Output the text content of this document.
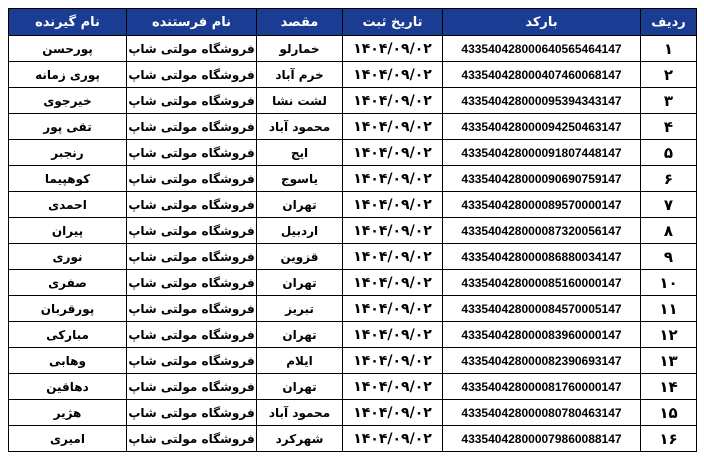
ردیف	بارکد	تاریخ ثبت	مقصد	نام فرستنده	نام گیرنده
۱	433540428000640565464147	۱۴۰۴/۰۹/۰۲	خمارلو	فروشگاه مولتی شاپ	پورحسن
۲	433540428000407460068147	۱۴۰۴/۰۹/۰۲	خرم آباد	فروشگاه مولتی شاپ	پوری زمانه
۳	433540428000095394343147	۱۴۰۴/۰۹/۰۲	لشت نشا	فروشگاه مولتی شاپ	خیرجوی
۴	433540428000094250463147	۱۴۰۴/۰۹/۰۲	محمود آباد	فروشگاه مولتی شاپ	تقی پور
۵	433540428000091807448147	۱۴۰۴/۰۹/۰۲	ایج	فروشگاه مولتی شاپ	رنجبر
۶	433540428000090690759147	۱۴۰۴/۰۹/۰۲	یاسوج	فروشگاه مولتی شاپ	کوهپیما
۷	433540428000089570000147	۱۴۰۴/۰۹/۰۲	تهران	فروشگاه مولتی شاپ	احمدی
۸	433540428000087320056147	۱۴۰۴/۰۹/۰۲	اردبیل	فروشگاه مولتی شاپ	پیران
۹	433540428000086880034147	۱۴۰۴/۰۹/۰۲	قزوین	فروشگاه مولتی شاپ	نوری
۱۰	433540428000085160000147	۱۴۰۴/۰۹/۰۲	تهران	فروشگاه مولتی شاپ	صفری
۱۱	433540428000084570005147	۱۴۰۴/۰۹/۰۲	تبریز	فروشگاه مولتی شاپ	پورقربان
۱۲	433540428000083960000147	۱۴۰۴/۰۹/۰۲	تهران	فروشگاه مولتی شاپ	مبارکی
۱۳	433540428000082390693147	۱۴۰۴/۰۹/۰۲	ایلام	فروشگاه مولتی شاپ	وهابی
۱۴	433540428000081760000147	۱۴۰۴/۰۹/۰۲	تهران	فروشگاه مولتی شاپ	دهاقین
۱۵	433540428000080780463147	۱۴۰۴/۰۹/۰۲	محمود آباد	فروشگاه مولتی شاپ	هژیر
۱۶	433540428000079860088147	۱۴۰۴/۰۹/۰۲	شهرکرد	فروشگاه مولتی شاپ	امیری
